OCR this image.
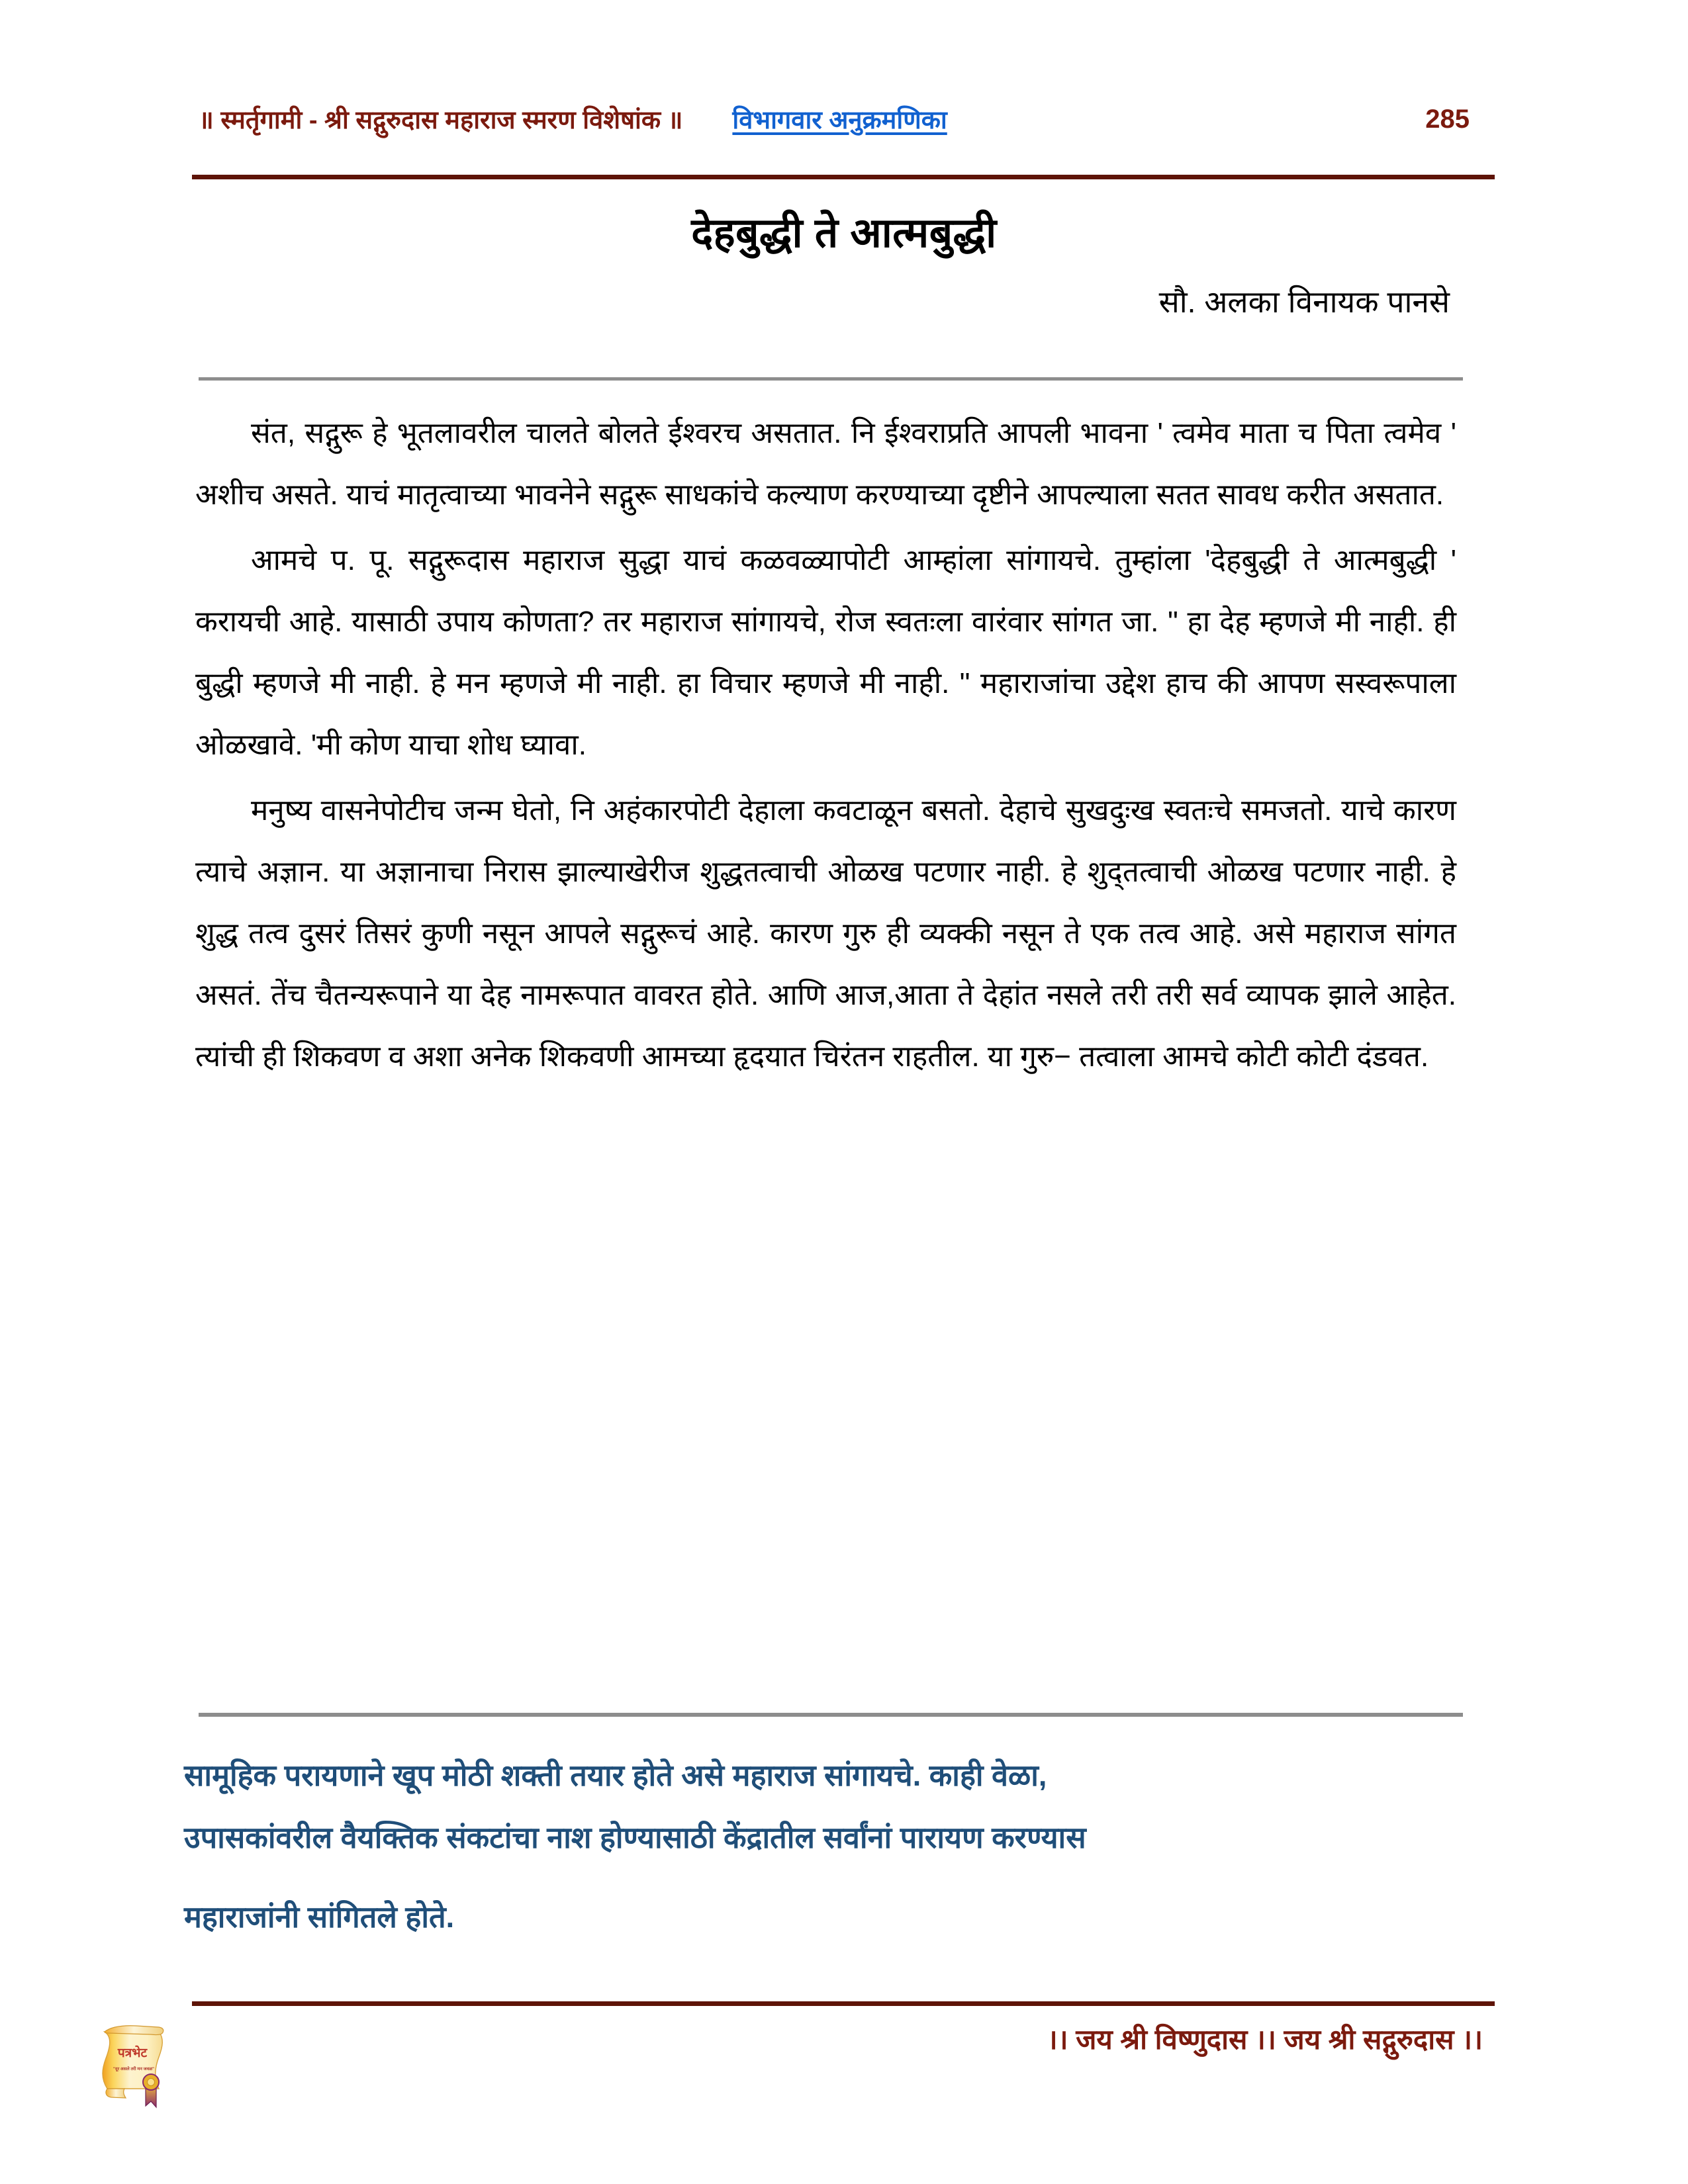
॥ स्मर्तृगामी - श्री सद्गुरुदास महाराज स्मरण विशेषांक ॥ विभागवार अनुक्रमणिका	285
देहबुद्धी ते आत्मबुद्धी
सौ. अलका विनायक पानसे

संत, सद्गुरू हे भूतलावरील चालते बोलते ईश्वरच असतात. नि ईश्वराप्रति आपली भावना ' त्वमेव माता च पिता त्वमेव ' अशीच असते. याचं मातृत्वाच्या भावनेने सद्गुरू साधकांचे कल्याण करण्याच्या दृष्टीने आपल्याला सतत सावध करीत असतात.

आमचे प. पू. सद्गुरूदास महाराज सुद्धा याचं कळवळ्यापोटी आम्हांला सांगायचे. तुम्हांला 'देहबुद्धी ते आत्मबुद्धी ' करायची आहे. यासाठी उपाय कोणता? तर महाराज सांगायचे, रोज स्वतःला वारंवार सांगत जा. " हा देह म्हणजे मी नाही. ही बुद्धी म्हणजे मी नाही. हे मन म्हणजे मी नाही. हा विचार म्हणजे मी नाही. " महाराजांचा उद्देश हाच की आपण सस्वरूपाला ओळखावे. 'मी कोण याचा शोध घ्यावा.

मनुष्य वासनेपोटीच जन्म घेतो, नि अहंकारपोटी देहाला कवटाळून बसतो. देहाचे सुखदुःख स्वतःचे समजतो. याचे कारण त्याचे अज्ञान. या अज्ञानाचा निरास झाल्याखेरीज शुद्धतत्वाची ओळख पटणार नाही. हे शुद्तत्वाची ओळख पटणार नाही. हे शुद्ध तत्व दुसरं तिसरं कुणी नसून आपले सद्गुरूचं आहे. कारण गुरु ही व्यक्की नसून ते एक तत्व आहे. असे महाराज सांगत असतं. तेंच चैतन्यरूपाने या देह नामरूपात वावरत होते. आणि आज,आता ते देहांत नसले तरी तरी सर्व व्यापक झाले आहेत. त्यांची ही शिकवण व अशा अनेक शिकवणी आमच्या हृदयात चिरंतन राहतील. या गुरु− तत्वाला आमचे कोटी कोटी दंडवत.

सामूहिक परायणाने खूप मोठी शक्ती तयार होते असे महाराज सांगायचे. काही वेळा,
उपासकांवरील वैयक्तिक संकटांचा नाश होण्यासाठी केंद्रातील सर्वांनां पारायण करण्यास
महाराजांनी सांगितले होते.
।। जय श्री विष्णुदास ।। जय श्री सद्गुरुदास ।।
पत्रभेट
"दूर असले तरी मन जवळ"
